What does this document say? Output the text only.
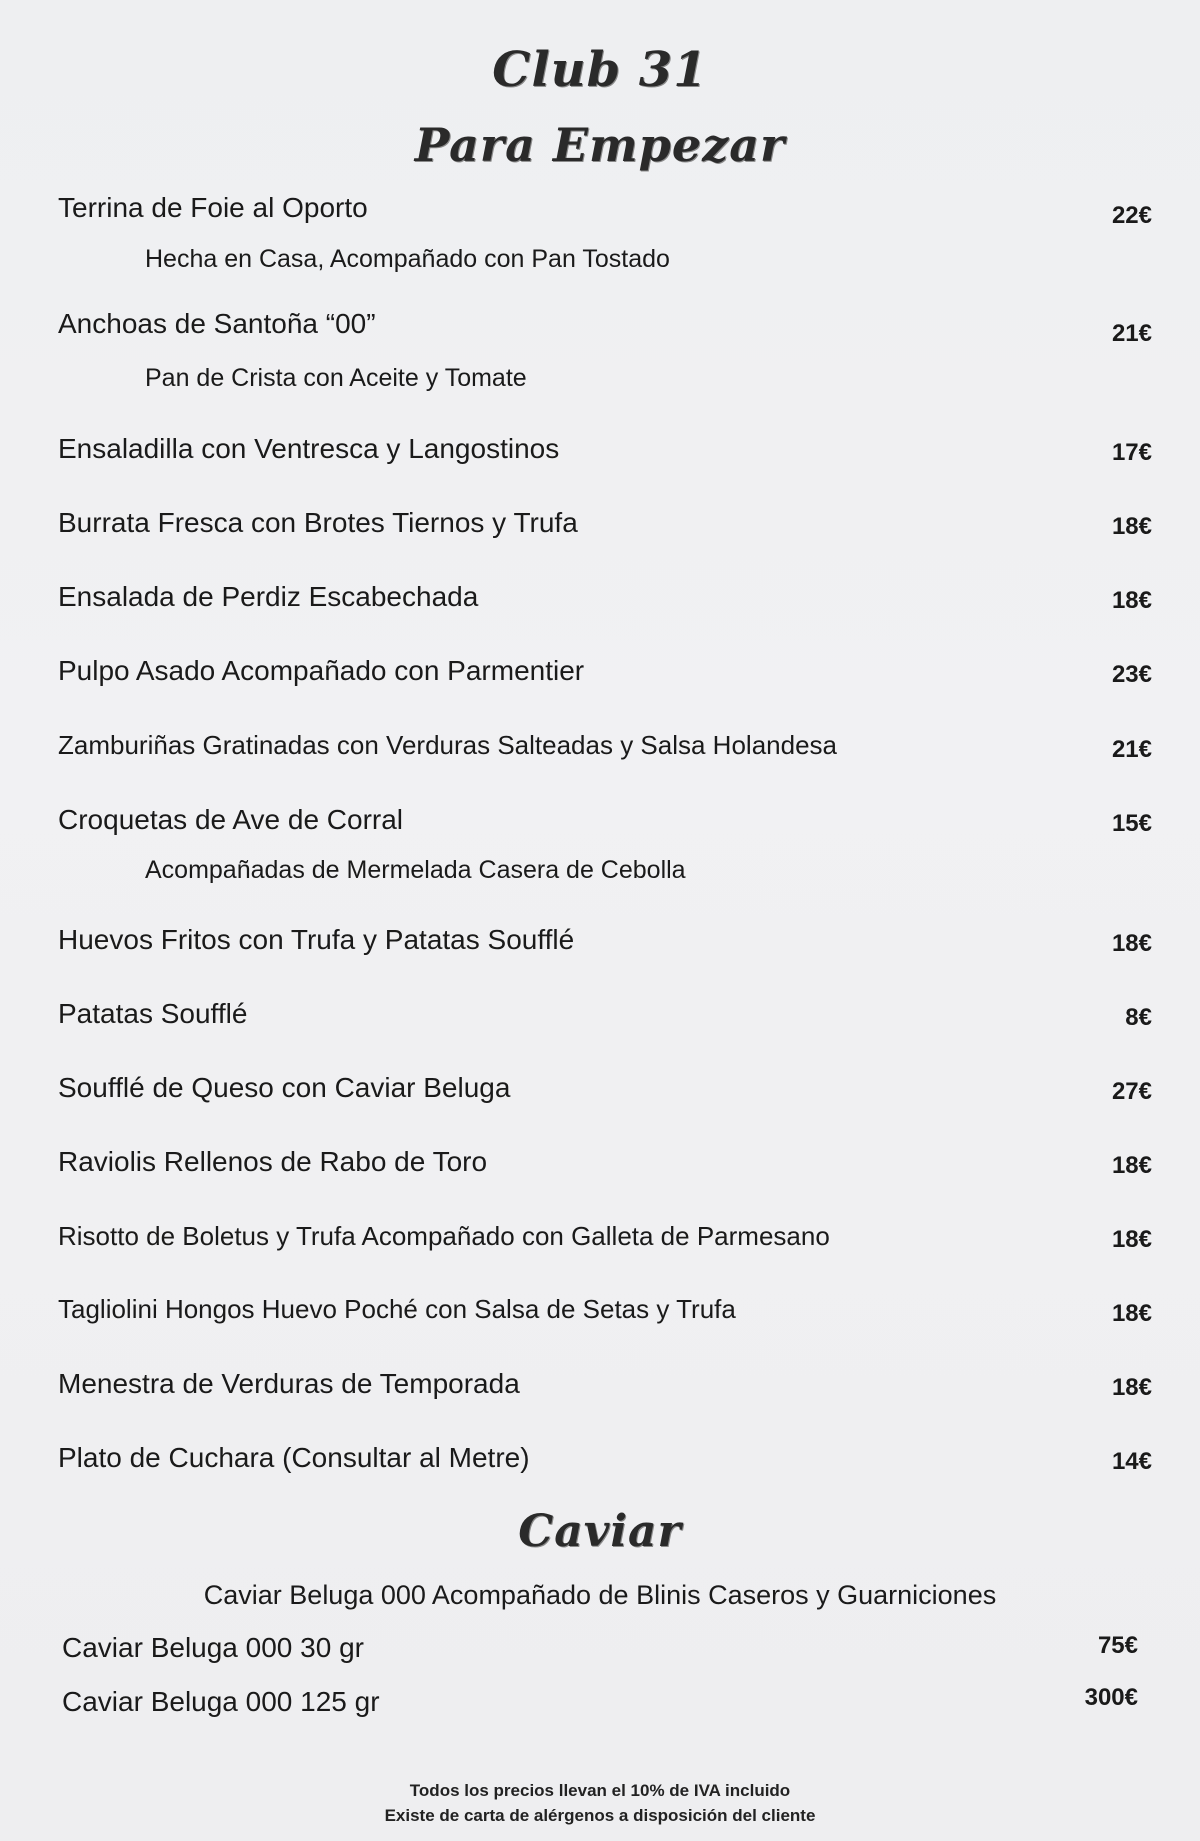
Club 31
Para Empezar
Terrina de Foie al Oporto	22€
Hecha en Casa, Acompañado con Pan Tostado
Anchoas de Santoña “00”	21€
Pan de Crista con Aceite y Tomate
Ensaladilla con Ventresca y Langostinos	17€
Burrata Fresca con Brotes Tiernos y Trufa	18€
Ensalada de Perdiz Escabechada	18€
Pulpo Asado Acompañado con Parmentier	23€
Zamburiñas Gratinadas con Verduras Salteadas y Salsa Holandesa	21€
Croquetas de Ave de Corral	15€
Acompañadas de Mermelada Casera de Cebolla
Huevos Fritos con Trufa y Patatas Soufflé	18€
Patatas Soufflé	8€
Soufflé de Queso con Caviar Beluga	27€
Raviolis Rellenos de Rabo de Toro	18€
Risotto de Boletus y Trufa Acompañado con Galleta de Parmesano	18€
Tagliolini Hongos Huevo Poché con Salsa de Setas y Trufa	18€
Menestra de Verduras de Temporada	18€
Plato de Cuchara (Consultar al Metre)	14€
Caviar
Caviar Beluga 000 Acompañado de Blinis Caseros y Guarniciones
Caviar Beluga 000 30 gr	75€
Caviar Beluga 000 125 gr	300€
Todos los precios llevan el 10% de IVA incluido
Existe de carta de alérgenos a disposición del cliente
